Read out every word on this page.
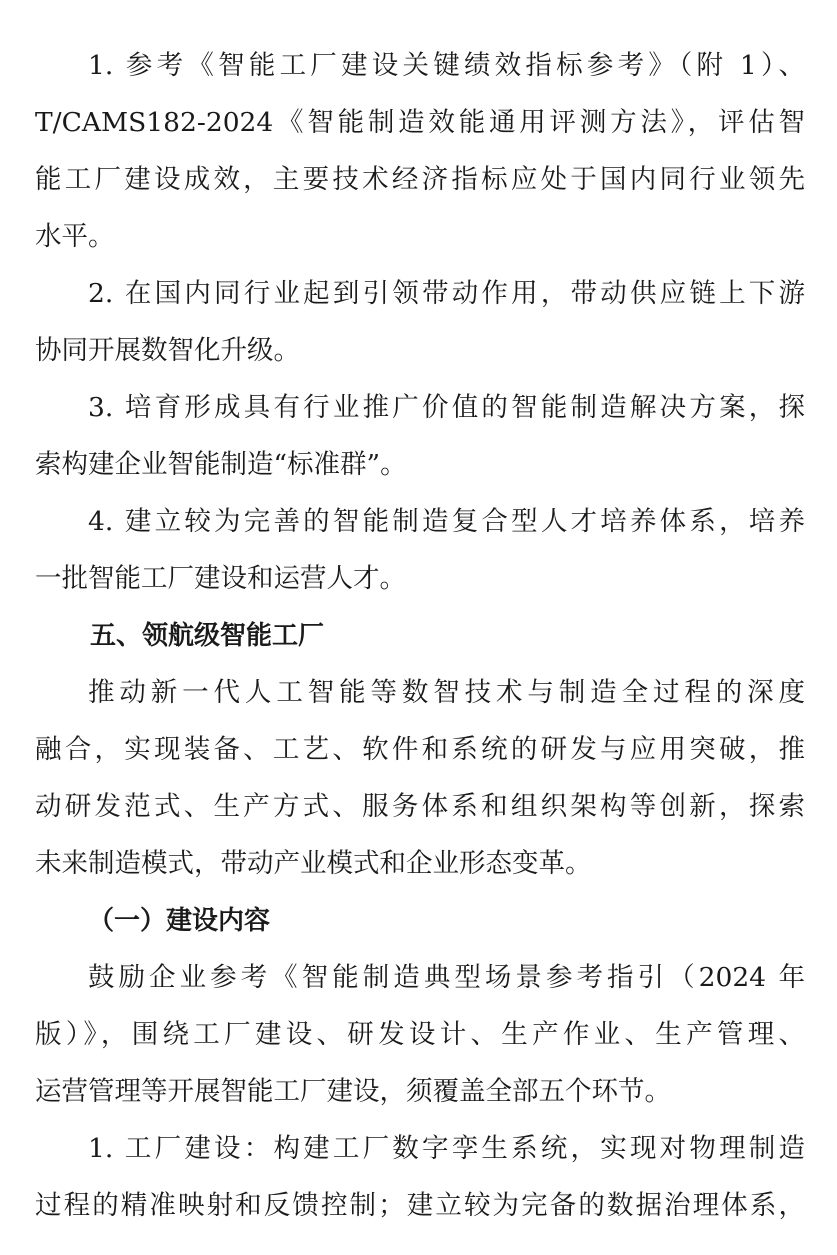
1. 参考《智能工厂建设关键绩效指标参考》（附 1）、
T/CAMS182-2024《智能制造效能通用评测方法》，评估智
能工厂建设成效，主要技术经济指标应处于国内同行业领先
水平。
2. 在国内同行业起到引领带动作用，带动供应链上下游
协同开展数智化升级。
3. 培育形成具有行业推广价值的智能制造解决方案，探
索构建企业智能制造“标准群”。
4. 建立较为完善的智能制造复合型人才培养体系，培养
一批智能工厂建设和运营人才。
五、领航级智能工厂
推动新一代人工智能等数智技术与制造全过程的深度
融合，实现装备、工艺、软件和系统的研发与应用突破，推
动研发范式、生产方式、服务体系和组织架构等创新，探索
未来制造模式，带动产业模式和企业形态变革。
（一）建设内容
鼓励企业参考《智能制造典型场景参考指引（2024 年
版）》，围绕工厂建设、研发设计、生产作业、生产管理、
运营管理等开展智能工厂建设，须覆盖全部五个环节。
1. 工厂建设：构建工厂数字孪生系统，实现对物理制造
过程的精准映射和反馈控制；建立较为完备的数据治理体系，
